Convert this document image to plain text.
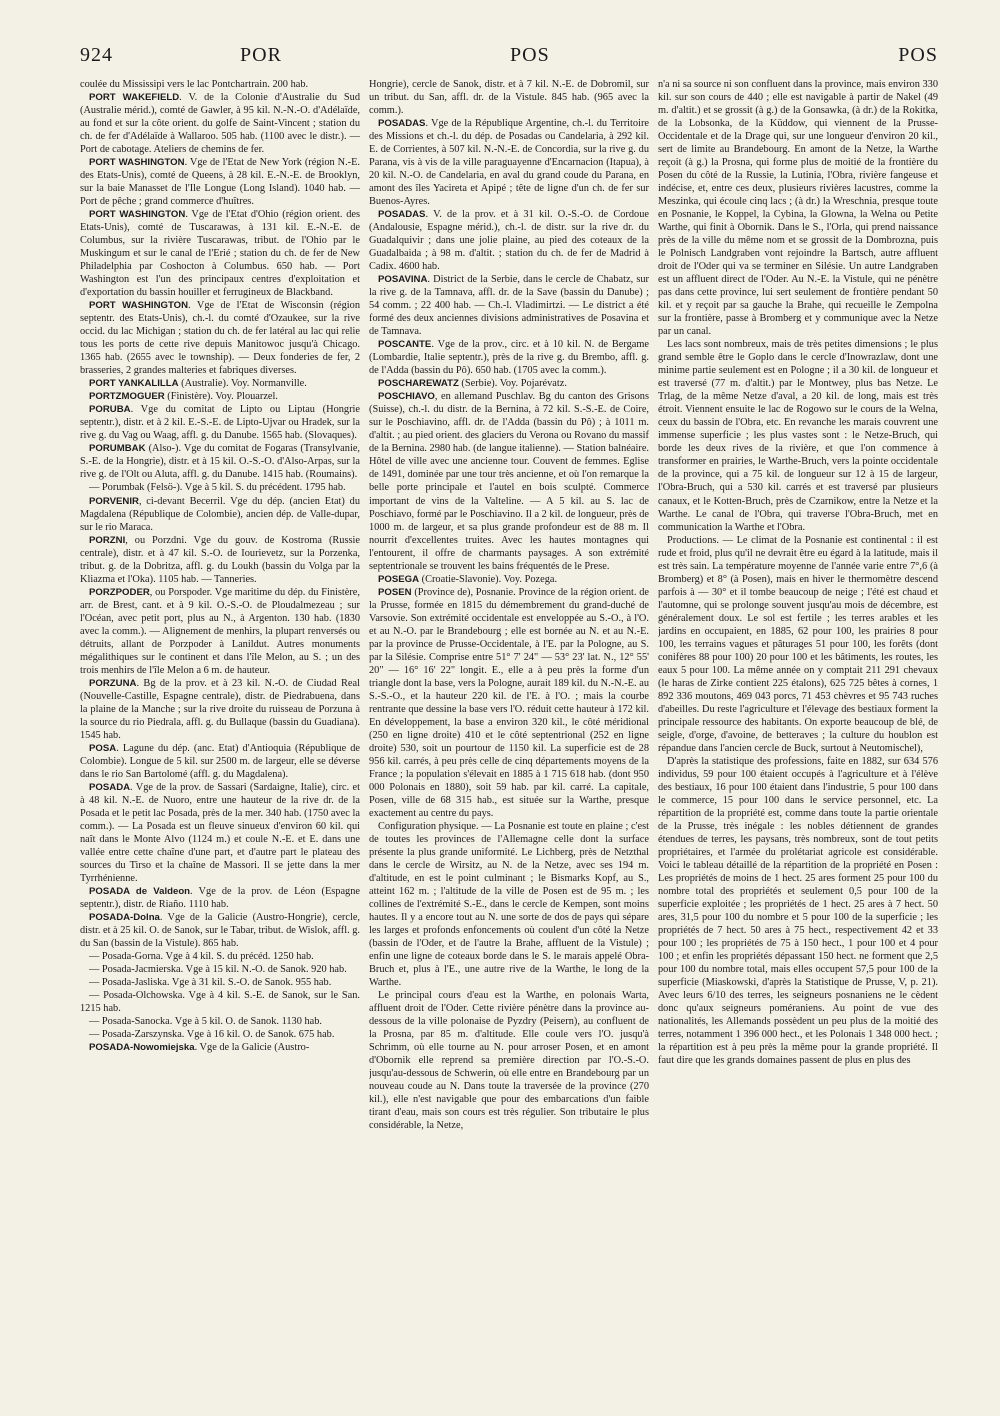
924	POR	POS	POS

coulée du Mississipi vers le lac Pontchartrain. 200 hab.

PORT WAKEFIELD. V. de la Colonie d'Australie du Sud (Australie mérid.), comté de Gawler, à 95 kil. N.-N.-O. d'Adélaïde, au fond et sur la côte orient. du golfe de Saint-Vincent ; station du ch. de fer d'Adélaïde à Wallaroo. 505 hab. (1100 avec le distr.). — Port de cabotage. Ateliers de chemins de fer.

PORT WASHINGTON. Vge de l'Etat de New York (région N.-E. des Etats-Unis), comté de Queens, à 28 kil. E.-N.-E. de Brooklyn, sur la baie Manasset de l'Ile Longue (Long Island). 1040 hab. — Port de pêche ; grand commerce d'huîtres.

PORT WASHINGTON. Vge de l'Etat d'Ohio (région orient. des Etats-Unis), comté de Tuscarawas, à 131 kil. E.-N.-E. de Columbus, sur la rivière Tuscarawas, tribut. de l'Ohio par le Muskingum et sur le canal de l'Erié ; station du ch. de fer de New Philadelphia par Coshocton à Columbus. 650 hab. — Port Washington est l'un des principaux centres d'exploitation et d'exportation du bassin houiller et ferrugineux de Blackband.

PORT WASHINGTON. Vge de l'Etat de Wisconsin (région septentr. des Etats-Unis), ch.-l. du comté d'Ozaukee, sur la rive occid. du lac Michigan ; station du ch. de fer latéral au lac qui relie tous les ports de cette rive depuis Manitowoc jusqu'à Chicago. 1365 hab. (2655 avec le township). — Deux fonderies de fer, 2 brasseries, 2 grandes malteries et fabriques diverses.

PORT YANKALILLA (Australie). Voy. Normanville.

PORTZMOGUER (Finistère). Voy. Plouarzel.

PORUBA. Vge du comitat de Lipto ou Liptau (Hongrie septentr.), distr. et à 2 kil. E.-S.-E. de Lipto-Ujvar ou Hradek, sur la rive g. du Vag ou Waag, affl. g. du Danube. 1565 hab. (Slovaques).

PORUMBAK (Also-). Vge du comitat de Fogaras (Transylvanie, S.-E. de la Hongrie), distr. et à 15 kil. O.-S.-O. d'Also-Arpas, sur la rive g. de l'Olt ou Aluta, affl. g. du Danube. 1415 hab. (Roumains).

— Porumbak (Felsö-). Vge à 5 kil. S. du précédent. 1795 hab.

PORVENIR, ci-devant Becerril. Vge du dép. (ancien Etat) du Magdalena (République de Colombie), ancien dép. de Valle-dupar, sur le rio Maraca.

PORZNI, ou Porzdni. Vge du gouv. de Kostroma (Russie centrale), distr. et à 47 kil. S.-O. de Iourievetz, sur la Porzenka, tribut. g. de la Dobritza, affl. g. du Loukh (bassin du Volga par la Kliazma et l'Oka). 1105 hab. — Tanneries.

PORZPODER, ou Porspoder. Vge maritime du dép. du Finistère, arr. de Brest, cant. et à 9 kil. O.-S.-O. de Ploudalmezeau ; sur l'Océan, avec petit port, plus au N., à Argenton. 130 hab. (1830 avec la comm.). — Alignement de menhirs, la plupart renversés ou détruits, allant de Porzpoder à Lanildut. Autres monuments mégalithiques sur le continent et dans l'île Melon, au S. ; un des trois menhirs de l'île Melon a 6 m. de hauteur.

PORZUNA. Bg de la prov. et à 23 kil. N.-O. de Ciudad Real (Nouvelle-Castille, Espagne centrale), distr. de Piedrabuena, dans la plaine de la Manche ; sur la rive droite du ruisseau de Porzuna à la source du rio Piedrala, affl. g. du Bullaque (bassin du Guadiana). 1545 hab.

POSA. Lagune du dép. (anc. Etat) d'Antioquia (République de Colombie). Longue de 5 kil. sur 2500 m. de largeur, elle se déverse dans le rio San Bartolomé (affl. g. du Magdalena).

POSADA. Vge de la prov. de Sassari (Sardaigne, Italie), circ. et à 48 kil. N.-E. de Nuoro, entre une hauteur de la rive dr. de la Posada et le petit lac Posada, près de la mer. 340 hab. (1750 avec la comm.). — La Posada est un fleuve sinueux d'environ 60 kil. qui naît dans le Monte Alvo (1124 m.) et coule N.-E. et E. dans une vallée entre cette chaîne d'une part, et d'autre part le plateau des sources du Tirso et la chaîne de Massori. Il se jette dans la mer Tyrrhénienne.

POSADA de Valdeon. Vge de la prov. de Léon (Espagne septentr.), distr. de Riaño. 1110 hab.

POSADA-Dolna. Vge de la Galicie (Austro-Hongrie), cercle, distr. et à 25 kil. O. de Sanok, sur le Tabar, tribut. de Wislok, affl. g. du San (bassin de la Vistule). 865 hab.

— Posada-Gorna. Vge à 4 kil. S. du précéd. 1250 hab.

— Posada-Jacmierska. Vge à 15 kil. N.-O. de Sanok. 920 hab.

— Posada-Jasliska. Vge à 31 kil. S.-O. de Sanok. 955 hab.

— Posada-Olchowska. Vge à 4 kil. S.-E. de Sanok, sur le San. 1215 hab.

— Posada-Sanocka. Vge à 5 kil. O. de Sanok. 1130 hab.

— Posada-Zarszynska. Vge à 16 kil. O. de Sanok. 675 hab.

POSADA-Nowomiejska. Vge de la Galicie (Austro-

Hongrie), cercle de Sanok, distr. et à 7 kil. N.-E. de Dobromil, sur un tribut. du San, affl. dr. de la Vistule. 845 hab. (965 avec la comm.).

POSADAS. Vge de la République Argentine, ch.-l. du Territoire des Missions et ch.-l. du dép. de Posadas ou Candelaria, à 292 kil. E. de Corrientes, à 507 kil. N.-N.-E. de Concordia, sur la rive g. du Parana, vis à vis de la ville paraguayenne d'Encarnacion (Itapua), à 20 kil. N.-O. de Candelaria, en aval du grand coude du Parana, en amont des îles Yacireta et Apipé ; tête de ligne d'un ch. de fer sur Buenos-Ayres.

POSADAS. V. de la prov. et à 31 kil. O.-S.-O. de Cordoue (Andalousie, Espagne mérid.), ch.-l. de distr. sur la rive dr. du Guadalquivir ; dans une jolie plaine, au pied des coteaux de la Guadalbaida ; à 98 m. d'altit. ; station du ch. de fer de Madrid à Cadix. 4600 hab.

POSAVINA. District de la Serbie, dans le cercle de Chabatz, sur la rive g. de la Tamnava, affl. dr. de la Save (bassin du Danube) ; 54 comm. ; 22 400 hab. — Ch.-l. Vladimirtzi. — Le district a été formé des deux anciennes divisions administratives de Posavina et de Tamnava.

POSCANTE. Vge de la prov., circ. et à 10 kil. N. de Bergame (Lombardie, Italie septentr.), près de la rive g. du Brembo, affl. g. de l'Adda (bassin du Pô). 650 hab. (1705 avec la comm.).

POSCHAREWATZ (Serbie). Voy. Pojarévatz.

POSCHIAVO, en allemand Puschlav. Bg du canton des Grisons (Suisse), ch.-l. du distr. de la Bernina, à 72 kil. S.-S.-E. de Coire, sur le Poschiavino, affl. dr. de l'Adda (bassin du Pô) ; à 1011 m. d'altit. ; au pied orient. des glaciers du Verona ou Rovano du massif de la Bernina. 2980 hab. (de langue italienne). — Station balnéaire. Hôtel de ville avec une ancienne tour. Couvent de femmes. Eglise de 1491, dominée par une tour très ancienne, et où l'on remarque la belle porte principale et l'autel en bois sculpté. Commerce important de vins de la Valteline. — A 5 kil. au S. lac de Poschiavo, formé par le Poschiavino. Il a 2 kil. de longueur, près de 1000 m. de largeur, et sa plus grande profondeur est de 88 m. Il nourrit d'excellentes truites. Avec les hautes montagnes qui l'entourent, il offre de charmants paysages. A son extrémité septentrionale se trouvent les bains fréquentés de le Prese.

POSEGA (Croatie-Slavonie). Voy. Pozega.

POSEN (Province de), Posnanie. Province de la région orient. de la Prusse, formée en 1815 du démembrement du grand-duché de Varsovie. Son extrémité occidentale est enveloppée au S.-O., à l'O. et au N.-O. par le Brandebourg ; elle est bornée au N. et au N.-E. par la province de Prusse-Occidentale, à l'E. par la Pologne, au S. par la Silésie. Comprise entre 51° 7' 24" — 53° 23' lat. N., 12° 55' 20" — 16° 16' 22" longit. E., elle a à peu près la forme d'un triangle dont la base, vers la Pologne, aurait 189 kil. du N.-N.-E. au S.-S.-O., et la hauteur 220 kil. de l'E. à l'O. ; mais la courbe rentrante que dessine la base vers l'O. réduit cette hauteur à 172 kil. En développement, la base a environ 320 kil., le côté méridional (250 en ligne droite) 410 et le côté septentrional (252 en ligne droite) 530, soit un pourtour de 1150 kil. La superficie est de 28 956 kil. carrés, à peu près celle de cinq départements moyens de la France ; la population s'élevait en 1885 à 1 715 618 hab. (dont 950 000 Polonais en 1880), soit 59 hab. par kil. carré. La capitale, Posen, ville de 68 315 hab., est située sur la Warthe, presque exactement au centre du pays.

Configuration physique. — La Posnanie est toute en plaine ; c'est de toutes les provinces de l'Allemagne celle dont la surface présente la plus grande uniformité. Le Lichberg, près de Netzthal dans le cercle de Wirsitz, au N. de la Netze, avec ses 194 m. d'altitude, en est le point culminant ; le Bismarks Kopf, au S., atteint 162 m. ; l'altitude de la ville de Posen est de 95 m. ; les collines de l'extrémité S.-E., dans le cercle de Kempen, sont moins hautes. Il y a encore tout au N. une sorte de dos de pays qui sépare les larges et profonds enfoncements où coulent d'un côté la Netze (bassin de l'Oder, et de l'autre la Brahe, affluent de la Vistule) ; enfin une ligne de coteaux borde dans le S. le marais appelé Obra-Bruch et, plus à l'E., une autre rive de la Warthe, le long de la Warthe.

Le principal cours d'eau est la Warthe, en polonais Warta, affluent droit de l'Oder. Cette rivière pénètre dans la province au-dessous de la ville polonaise de Pyzdry (Peisern), au confluent de la Prosna, par 85 m. d'altitude. Elle coule vers l'O. jusqu'à Schrimm, où elle tourne au N. pour arroser Posen, et en amont d'Obornik elle reprend sa première direction par l'O.-S.-O. jusqu'au-dessous de Schwerin, où elle entre en Brandebourg par un nouveau coude au N. Dans toute la traversée de la province (270 kil.), elle n'est navigable que pour des embarcations d'un faible tirant d'eau, mais son cours est très régulier. Son tributaire le plus considérable, la Netze,

n'a ni sa source ni son confluent dans la province, mais environ 330 kil. sur son cours de 440 ; elle est navigable à partir de Nakel (49 m. d'altit.) et se grossit (à g.) de la Gonsawka, (à dr.) de la Rokitka, de la Lobsonka, de la Küddow, qui viennent de la Prusse-Occidentale et de la Drage qui, sur une longueur d'environ 20 kil., sert de limite au Brandebourg. En amont de la Netze, la Warthe reçoit (à g.) la Prosna, qui forme plus de moitié de la frontière du Posen du côté de la Russie, la Lutinia, l'Obra, rivière fangeuse et indécise, et, entre ces deux, plusieurs rivières lacustres, comme la Meszinka, qui écoule cinq lacs ; (à dr.) la Wreschnia, presque toute en Posnanie, le Koppel, la Cybina, la Glowna, la Welna ou Petite Warthe, qui finit à Obornik. Dans le S., l'Orla, qui prend naissance près de la ville du même nom et se grossit de la Dombrozna, puis le Polnisch Landgraben vont rejoindre la Bartsch, autre affluent droit de l'Oder qui va se terminer en Silésie. Un autre Landgraben est un affluent direct de l'Oder. Au N.-E. la Vistule, qui ne pénètre pas dans cette province, lui sert seulement de frontière pendant 50 kil. et y reçoit par sa gauche la Brahe, qui recueille le Zempolna sur la frontière, passe à Bromberg et y communique avec la Netze par un canal.

Les lacs sont nombreux, mais de très petites dimensions ; le plus grand semble être le Goplo dans le cercle d'Inowrazlaw, dont une minime partie seulement est en Pologne ; il a 30 kil. de longueur et est traversé (77 m. d'altit.) par le Montwey, plus bas Netze. Le Trlag, de la même Netze d'aval, a 20 kil. de long, mais est très étroit. Viennent ensuite le lac de Rogowo sur le cours de la Welna, ceux du bassin de l'Obra, etc. En revanche les marais couvrent une immense superficie ; les plus vastes sont : le Netze-Bruch, qui borde les deux rives de la rivière, et que l'on commence à transformer en prairies, le Warthe-Bruch, vers la pointe occidentale de la province, qui a 75 kil. de longueur sur 12 à 15 de largeur, l'Obra-Bruch, qui a 530 kil. carrés et est traversé par plusieurs canaux, et le Kotten-Bruch, près de Czarnikow, entre la Netze et la Warthe. Le canal de l'Obra, qui traverse l'Obra-Bruch, met en communication la Warthe et l'Obra.

Productions. — Le climat de la Posnanie est continental : il est rude et froid, plus qu'il ne devrait être eu égard à la latitude, mais il est très sain. La température moyenne de l'année varie entre 7°,6 (à Bromberg) et 8° (à Posen), mais en hiver le thermomètre descend parfois à — 30° et il tombe beaucoup de neige ; l'été est chaud et l'automne, qui se prolonge souvent jusqu'au mois de décembre, est généralement doux. Le sol est fertile ; les terres arables et les jardins en occupaient, en 1885, 62 pour 100, les prairies 8 pour 100, les terrains vagues et pâturages 51 pour 100, les forêts (dont conifères 88 pour 100) 20 pour 100 et les bâtiments, les routes, les eaux 5 pour 100. La même année on y comptait 211 291 chevaux (le haras de Zirke contient 225 étalons), 625 725 bêtes à cornes, 1 892 336 moutons, 469 043 porcs, 71 453 chèvres et 95 743 ruches d'abeilles. Du reste l'agriculture et l'élevage des bestiaux forment la principale ressource des habitants. On exporte beaucoup de blé, de seigle, d'orge, d'avoine, de betteraves ; la culture du houblon est répandue dans l'ancien cercle de Buck, surtout à Neutomischel),

D'après la statistique des professions, faite en 1882, sur 634 576 individus, 59 pour 100 étaient occupés à l'agriculture et à l'élève des bestiaux, 16 pour 100 étaient dans l'industrie, 5 pour 100 dans le commerce, 15 pour 100 dans le service personnel, etc. La répartition de la propriété est, comme dans toute la partie orientale de la Prusse, très inégale : les nobles détiennent de grandes étendues de terres, les paysans, très nombreux, sont de tout petits propriétaires, et l'armée du prolétariat agricole est considérable. Voici le tableau détaillé de la répartition de la propriété en Posen : Les propriétés de moins de 1 hect. 25 ares forment 25 pour 100 du nombre total des propriétés et seulement 0,5 pour 100 de la superficie exploitée ; les propriétés de 1 hect. 25 ares à 7 hect. 50 ares, 31,5 pour 100 du nombre et 5 pour 100 de la superficie ; les propriétés de 7 hect. 50 ares à 75 hect., respectivement 42 et 33 pour 100 ; les propriétés de 75 à 150 hect., 1 pour 100 et 4 pour 100 ; et enfin les propriétés dépassant 150 hect. ne forment que 2,5 pour 100 du nombre total, mais elles occupent 57,5 pour 100 de la superficie (Miaskowski, d'après la Statistique de Prusse, V, p. 21). Avec leurs 6/10 des terres, les seigneurs posnaniens ne le cèdent donc qu'aux seigneurs poméraniens. Au point de vue des nationalités, les Allemands possèdent un peu plus de la moitié des terres, notamment 1 396 000 hect., et les Polonais 1 348 000 hect. ; la répartition est à peu près la même pour la grande propriété. Il faut dire que les grands domaines passent de plus en plus des
